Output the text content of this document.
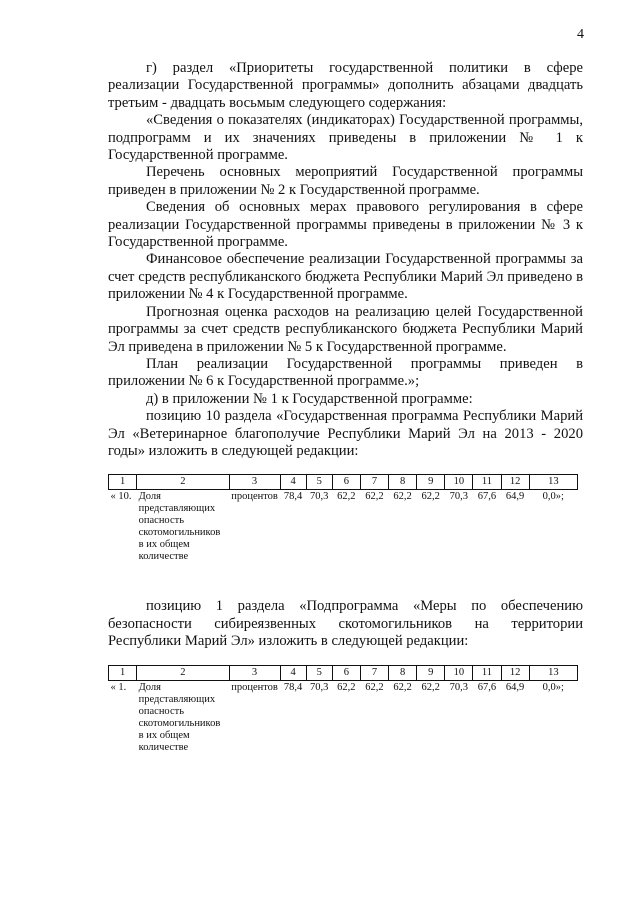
4

г) раздел «Приоритеты государственной политики в сфере реализации Государственной программы» дополнить абзацами двадцать третьим - двадцать восьмым следующего содержания:

«Сведения о показателях (индикаторах) Государственной программы, подпрограмм и их значениях приведены в приложении № 1 к Государственной программе.

Перечень основных мероприятий Государственной программы приведен в приложении № 2 к Государственной программе.

Сведения об основных мерах правового регулирования в сфере реализации Государственной программы приведены в приложении № 3 к Государственной программе.

Финансовое обеспечение реализации Государственной программы за счет средств республиканского бюджета Республики Марий Эл приведено в приложении № 4 к Государственной программе.

Прогнозная оценка расходов на реализацию целей Государственной программы за счет средств республиканского бюджета Республики Марий Эл приведена в приложении № 5 к Государственной программе.

План реализации Государственной программы приведен в приложении № 6 к Государственной программе.»;

д) в приложении № 1 к Государственной программе:

позицию 10 раздела «Государственная программа Республики Марий Эл «Ветеринарное благополучие Республики Марий Эл на 2013 - 2020 годы» изложить в следующей редакции:

1	2	3	4	5	6	7	8	9	10	11	12	13
« 10.	Доля представляющих опасность скотомогильников в их общем количестве	процентов	78,4	70,3	62,2	62,2	62,2	62,2	70,3	67,6	64,9	0,0»;

позицию 1 раздела «Подпрограмма «Меры по обеспечению безопасности сибиреязвенных скотомогильников на территории Республики Марий Эл» изложить в следующей редакции:

1	2	3	4	5	6	7	8	9	10	11	12	13
« 1.	Доля представляющих опасность скотомогильников в их общем количестве	процентов	78,4	70,3	62,2	62,2	62,2	62,2	70,3	67,6	64,9	0,0»;
